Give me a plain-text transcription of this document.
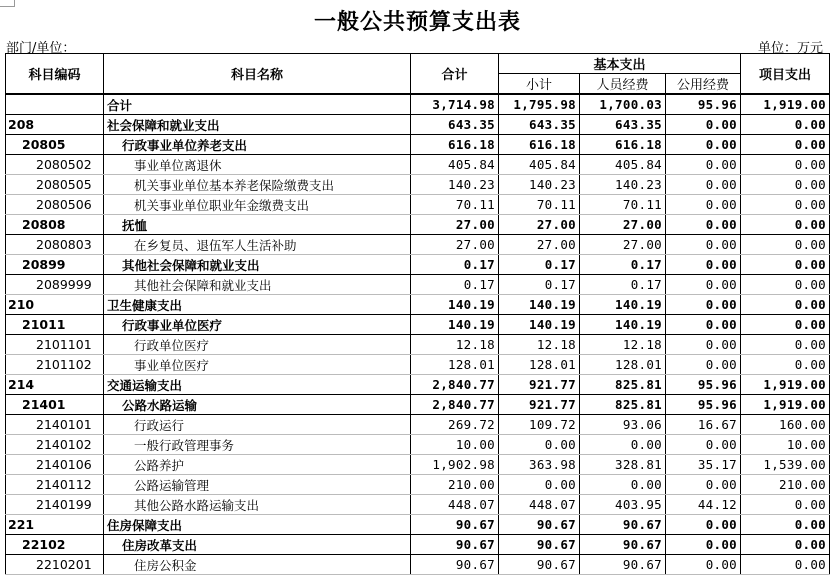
一般公共预算支出表
部门/单位：	单位：万元
科目编码	科目名称	合计	基本支出			项目支出
			小计	人员经费	公用经费	
	合计	3,714.98	1,795.98	1,700.03	95.96	1,919.00
208	社会保障和就业支出	643.35	643.35	643.35	0.00	0.00
20805	行政事业单位养老支出	616.18	616.18	616.18	0.00	0.00
2080502	事业单位离退休	405.84	405.84	405.84	0.00	0.00
2080505	机关事业单位基本养老保险缴费支出	140.23	140.23	140.23	0.00	0.00
2080506	机关事业单位职业年金缴费支出	70.11	70.11	70.11	0.00	0.00
20808	抚恤	27.00	27.00	27.00	0.00	0.00
2080803	在乡复员、退伍军人生活补助	27.00	27.00	27.00	0.00	0.00
20899	其他社会保障和就业支出	0.17	0.17	0.17	0.00	0.00
2089999	其他社会保障和就业支出	0.17	0.17	0.17	0.00	0.00
210	卫生健康支出	140.19	140.19	140.19	0.00	0.00
21011	行政事业单位医疗	140.19	140.19	140.19	0.00	0.00
2101101	行政单位医疗	12.18	12.18	12.18	0.00	0.00
2101102	事业单位医疗	128.01	128.01	128.01	0.00	0.00
214	交通运输支出	2,840.77	921.77	825.81	95.96	1,919.00
21401	公路水路运输	2,840.77	921.77	825.81	95.96	1,919.00
2140101	行政运行	269.72	109.72	93.06	16.67	160.00
2140102	一般行政管理事务	10.00	0.00	0.00	0.00	10.00
2140106	公路养护	1,902.98	363.98	328.81	35.17	1,539.00
2140112	公路运输管理	210.00	0.00	0.00	0.00	210.00
2140199	其他公路水路运输支出	448.07	448.07	403.95	44.12	0.00
221	住房保障支出	90.67	90.67	90.67	0.00	0.00
22102	住房改革支出	90.67	90.67	90.67	0.00	0.00
2210201	住房公积金	90.67	90.67	90.67	0.00	0.00
